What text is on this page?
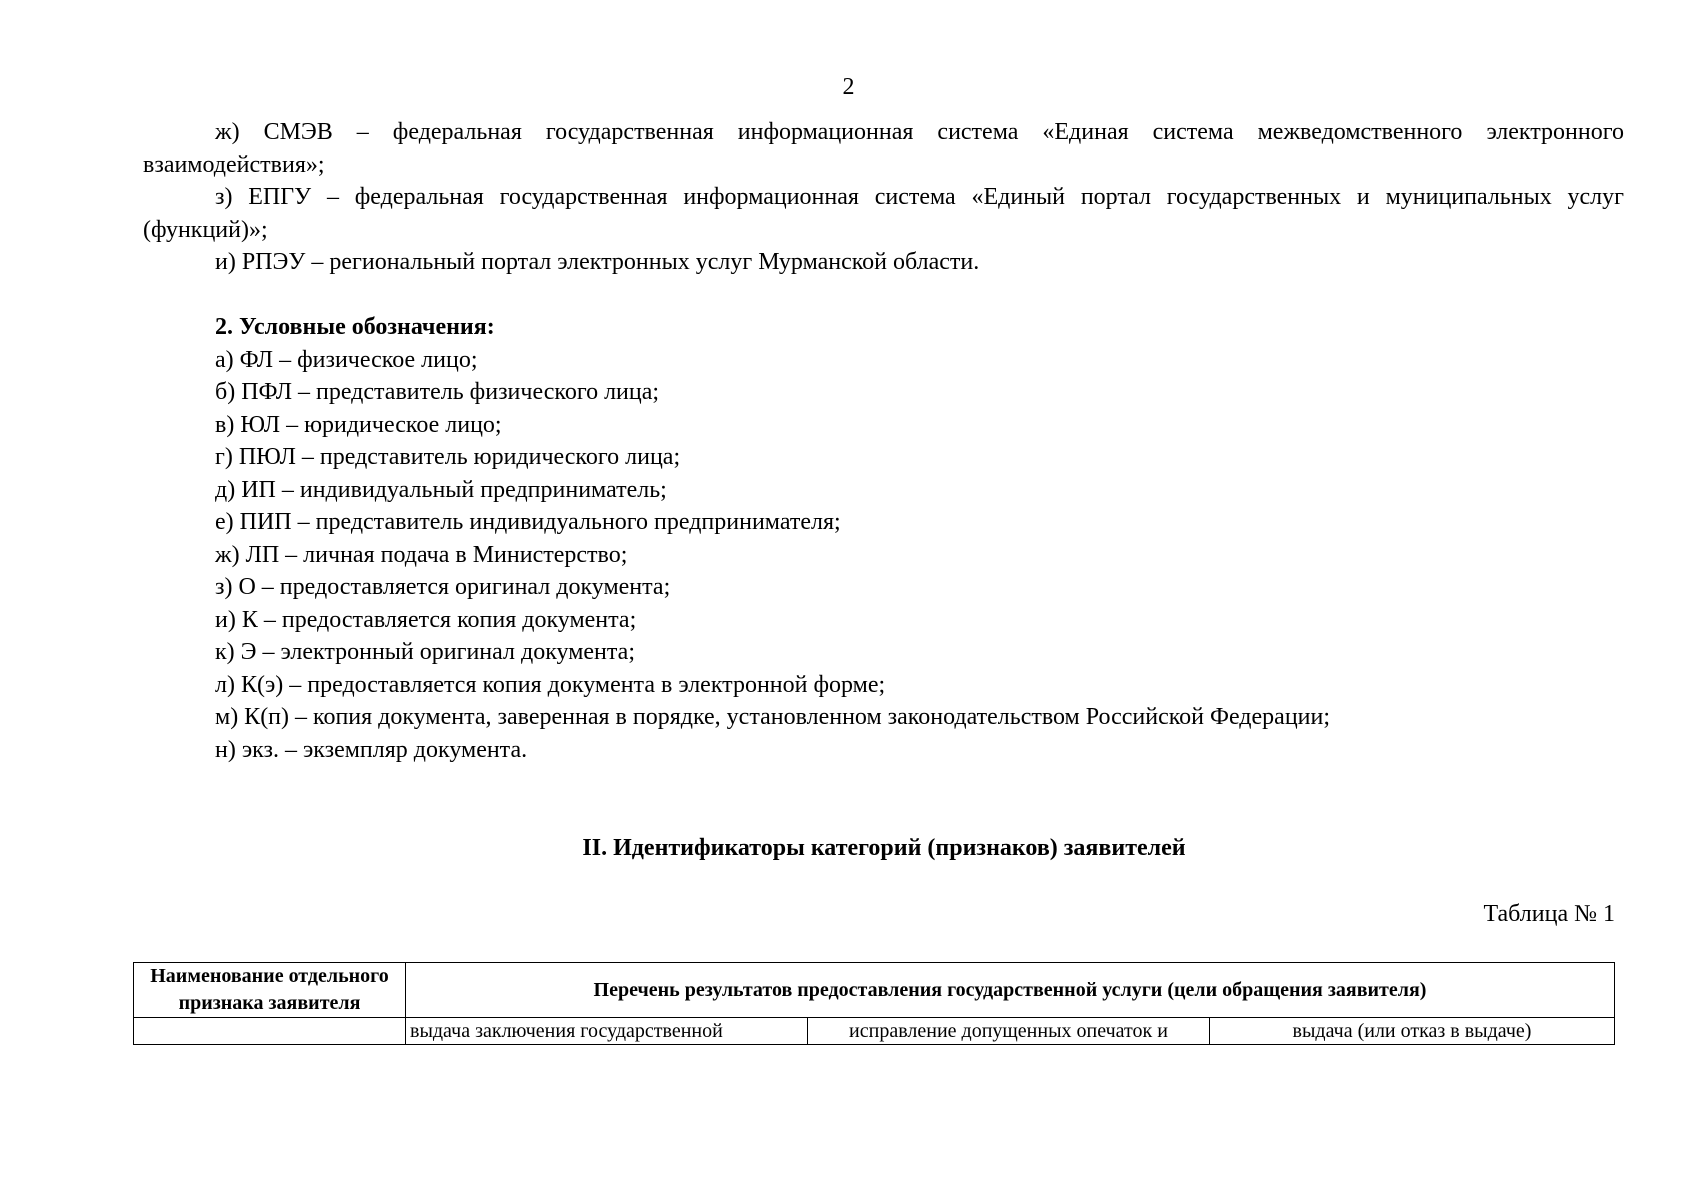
2

ж) СМЭВ – федеральная государственная информационная система «Единая система межведомственного электронного взаимодействия»;

з) ЕПГУ – федеральная государственная информационная система «Единый портал государственных и муниципальных услуг (функций)»;

и) РПЭУ – региональный портал электронных услуг Мурманской области.

2. Условные обозначения:

а) ФЛ – физическое лицо;

б) ПФЛ – представитель физического лица;

в) ЮЛ – юридическое лицо;

г) ПЮЛ – представитель юридического лица;

д) ИП – индивидуальный предприниматель;

е) ПИП – представитель индивидуального предпринимателя;

ж) ЛП – личная подача в Министерство;

з) О – предоставляется оригинал документа;

и) К – предоставляется копия документа;

к) Э – электронный оригинал документа;

л) К(э) – предоставляется копия документа в электронной форме;

м) К(п) – копия документа, заверенная в порядке, установленном законодательством Российской Федерации;

н) экз. – экземпляр документа.

II. Идентификаторы категорий (признаков) заявителей
Таблица № 1
Наименование отдельного признака заявителя	Перечень результатов предоставления государственной услуги (цели обращения заявителя)		
	выдача заключения государственной	исправление допущенных опечаток и	выдача (или отказ в выдаче)
